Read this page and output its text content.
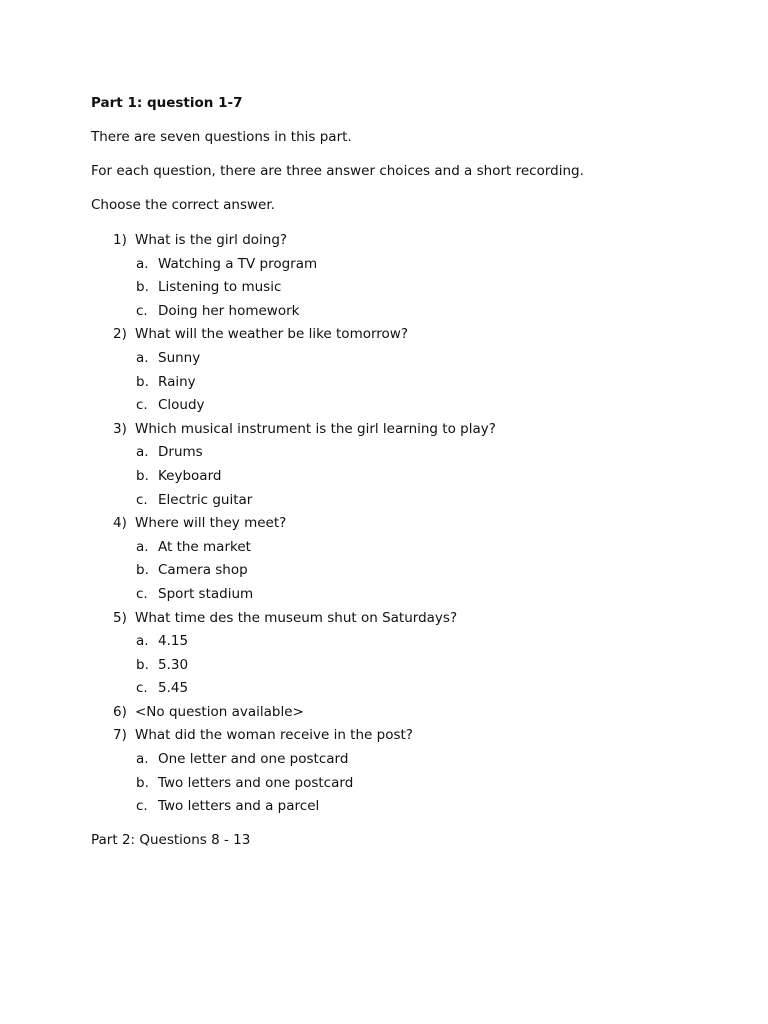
Part 1: question 1-7

There are seven questions in this part.

For each question, there are three answer choices and a short recording.

Choose the correct answer.

1) What is the girl doing?
a. Watching a TV program
b. Listening to music
c. Doing her homework
2) What will the weather be like tomorrow?
a. Sunny
b. Rainy
c. Cloudy
3) Which musical instrument is the girl learning to play?
a. Drums
b. Keyboard
c. Electric guitar
4) Where will they meet?
a. At the market
b. Camera shop
c. Sport stadium
5) What time des the museum shut on Saturdays?
a. 4.15
b. 5.30
c. 5.45
6) <No question available>
7) What did the woman receive in the post?
a. One letter and one postcard
b. Two letters and one postcard
c. Two letters and a parcel

Part 2: Questions 8 - 13
